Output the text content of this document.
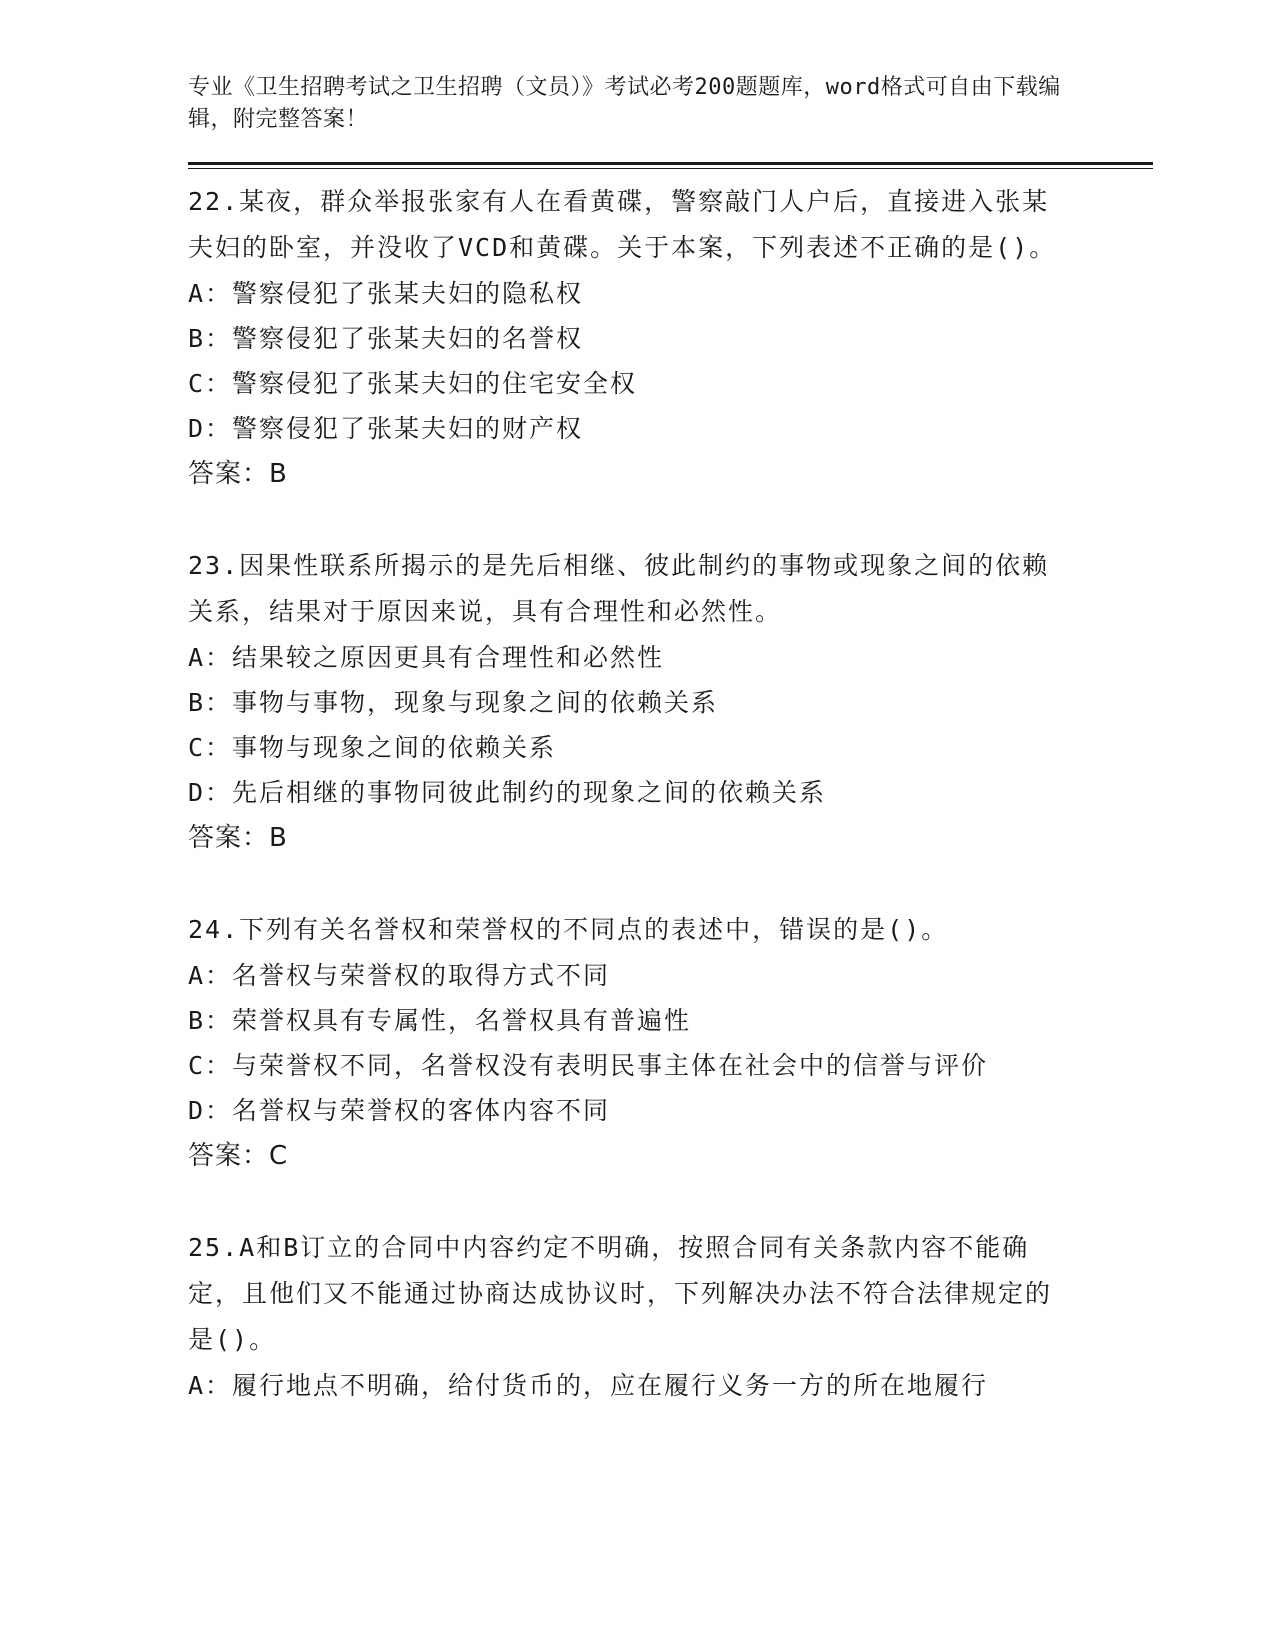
专业《卫生招聘考试之卫生招聘（文员）》考试必考200题题库，word格式可自由下载编辑，附完整答案！
22.某夜，群众举报张家有人在看黄碟，警察敲门人户后，直接进入张某夫妇的卧室，并没收了VCD和黄碟。关于本案，下列表述不正确的是()。
A：警察侵犯了张某夫妇的隐私权
B：警察侵犯了张某夫妇的名誉权
C：警察侵犯了张某夫妇的住宅安全权
D：警察侵犯了张某夫妇的财产权
答案：B
23.因果性联系所揭示的是先后相继、彼此制约的事物或现象之间的依赖关系，结果对于原因来说，具有合理性和必然性。
A：结果较之原因更具有合理性和必然性
B：事物与事物，现象与现象之间的依赖关系
C：事物与现象之间的依赖关系
D：先后相继的事物同彼此制约的现象之间的依赖关系
答案：B
24.下列有关名誉权和荣誉权的不同点的表述中，错误的是()。
A：名誉权与荣誉权的取得方式不同
B：荣誉权具有专属性，名誉权具有普遍性
C：与荣誉权不同，名誉权没有表明民事主体在社会中的信誉与评价
D：名誉权与荣誉权的客体内容不同
答案：C
25.A和B订立的合同中内容约定不明确，按照合同有关条款内容不能确定，且他们又不能通过协商达成协议时，下列解决办法不符合法律规定的是()。
A：履行地点不明确，给付货币的，应在履行义务一方的所在地履行
